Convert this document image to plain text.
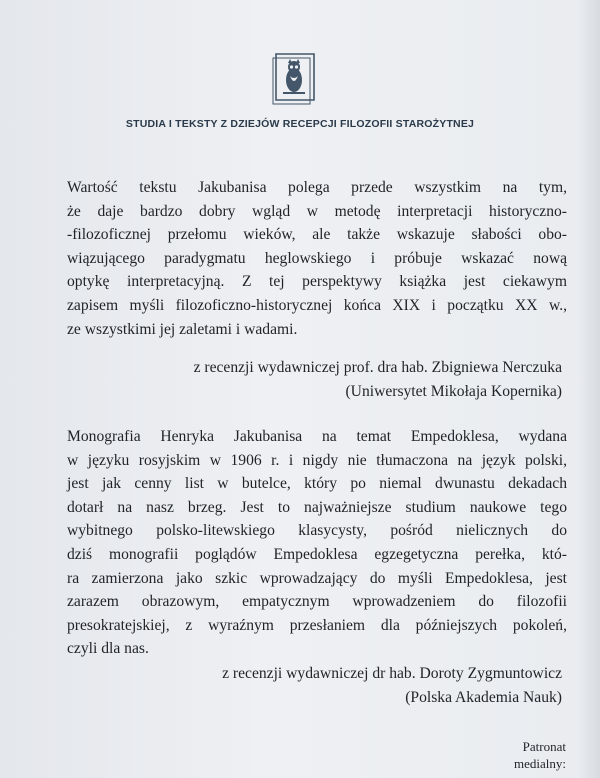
STUDIA I TEKSTY Z DZIEJÓW RECEPCJI FILOZOFII STAROŻYTNEJ

Wartość tekstu Jakubanisa polega przede wszystkim na tym,
że daje bardzo dobry wgląd w metodę interpretacji historyczno-
-filozoficznej przełomu wieków, ale także wskazuje słabości obo-
wiązującego paradygmatu heglowskiego i próbuje wskazać nową
optykę interpretacyjną. Z tej perspektywy książka jest ciekawym
zapisem myśli filozoficzno-historycznej końca XIX i początku XX w.,
ze wszystkimi jej zaletami i wadami.

z recenzji wydawniczej prof. dra hab. Zbigniewa Nerczuka
(Uniwersytet Mikołaja Kopernika)

Monografia Henryka Jakubanisa na temat Empedoklesa, wydana
w języku rosyjskim w 1906 r. i nigdy nie tłumaczona na język polski,
jest jak cenny list w butelce, który po niemal dwunastu dekadach
dotarł na nasz brzeg. Jest to najważniejsze studium naukowe tego
wybitnego polsko-litewskiego klasycysty, pośród nielicznych do
dziś monografii poglądów Empedoklesa egzegetyczna perełka, któ-
ra zamierzona jako szkic wprowadzający do myśli Empedoklesa, jest
zarazem obrazowym, empatycznym wprowadzeniem do filozofii
presokratejskiej, z wyraźnym przesłaniem dla późniejszych pokoleń,
czyli dla nas.

z recenzji wydawniczej dr hab. Doroty Zygmuntowicz
(Polska Akademia Nauk)
Patronat
medialny:
